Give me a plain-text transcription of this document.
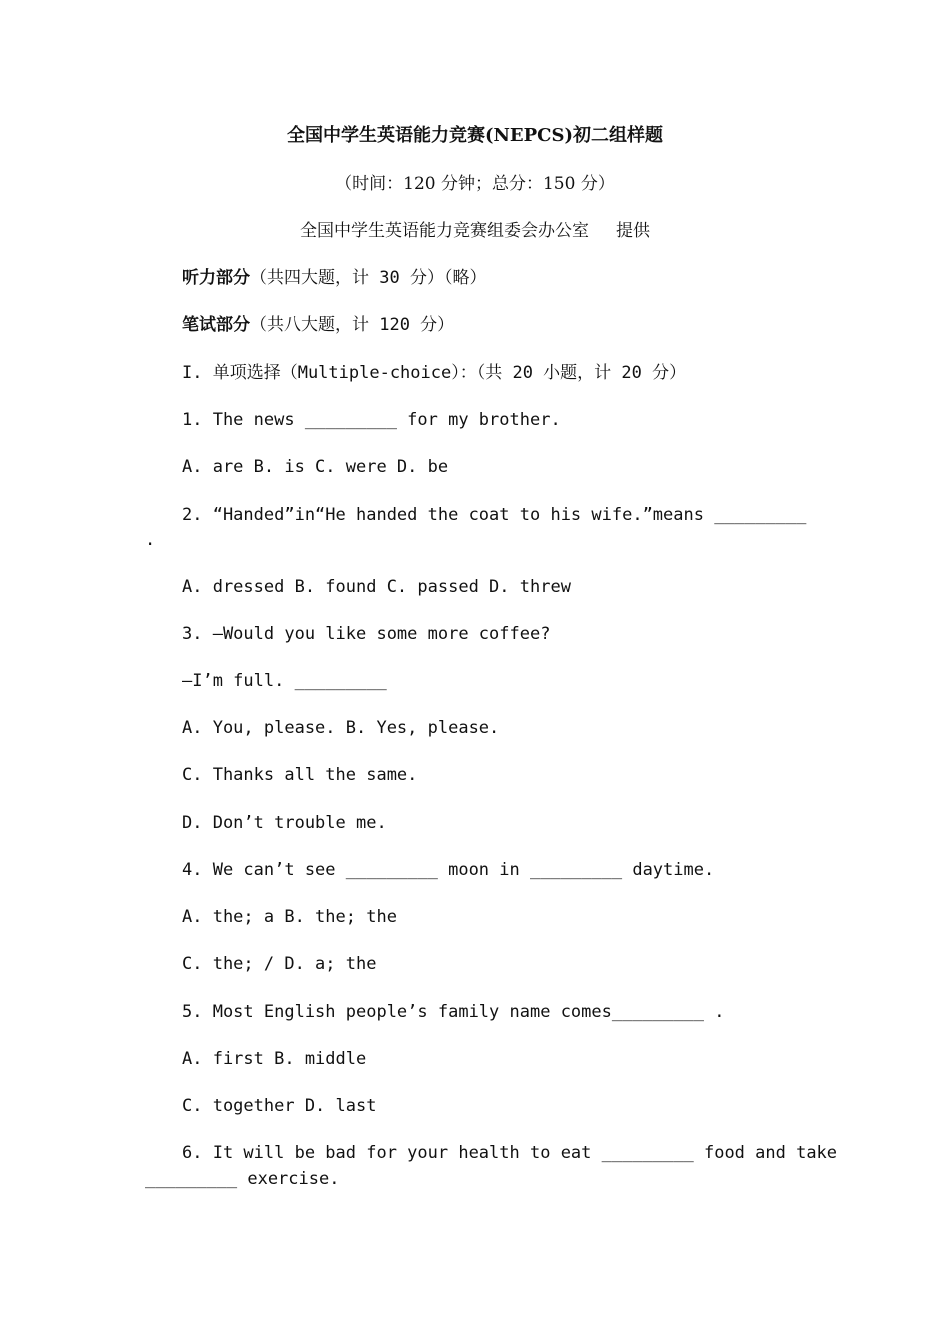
全国中学生英语能力竞赛(NEPCS)初二组样题
（时间：120 分钟；总分：150 分）
全国中学生英语能力竞赛组委会办公室     提供
听力部分（共四大题，计 30 分）（略）
笔试部分（共八大题，计 120 分）
I. 单项选择（Multiple-choice）：（共 20 小题，计 20 分）
1. The news _________ for my brother.
A. are B. is C. were D. be
2. “Handed”in“He handed the coat to his wife.”means _________
.
A. dressed B. found C. passed D. threw
3. —Would you like some more coffee?
—I’m full. _________
A. You, please. B. Yes, please.
C. Thanks all the same.
D. Don’t trouble me.
4. We can’t see _________ moon in _________ daytime.
A. the; a B. the; the
C. the; / D. a; the
5. Most English people’s family name comes_________ .
A. first B. middle
C. together D. last
6. It will be bad for your health to eat _________ food and take
_________ exercise.
